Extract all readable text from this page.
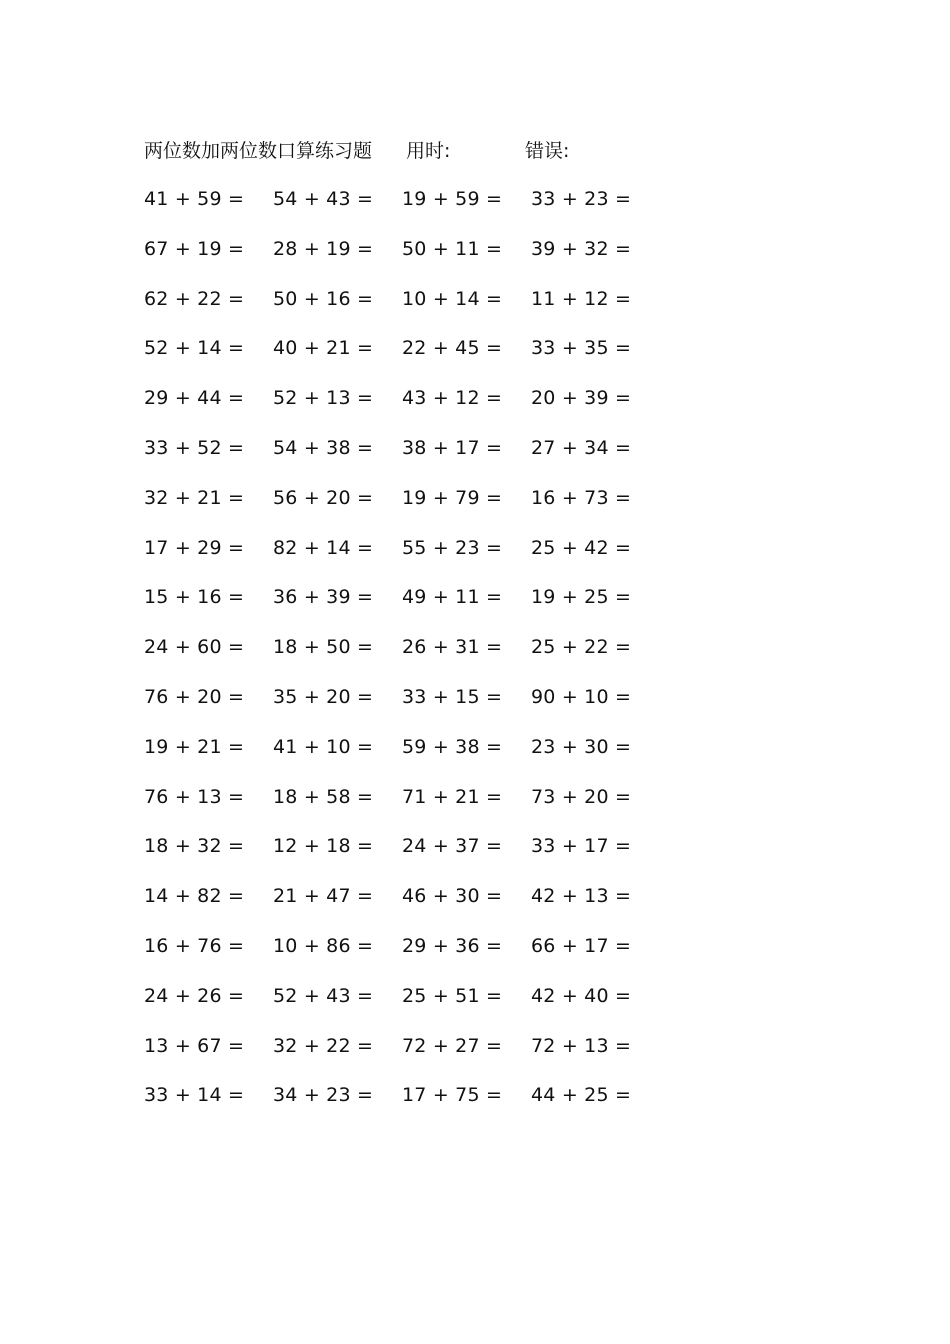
两位数加两位数口算练习题 用时:	错误:
41 + 59 =	54 + 43 =	19 + 59 =	33 + 23 =
67 + 19 =	28 + 19 =	50 + 11 =	39 + 32 =
62 + 22 =	50 + 16 =	10 + 14 =	11 + 12 =
52 + 14 =	40 + 21 =	22 + 45 =	33 + 35 =
29 + 44 =	52 + 13 =	43 + 12 =	20 + 39 =
33 + 52 =	54 + 38 =	38 + 17 =	27 + 34 =
32 + 21 =	56 + 20 =	19 + 79 =	16 + 73 =
17 + 29 =	82 + 14 =	55 + 23 =	25 + 42 =
15 + 16 =	36 + 39 =	49 + 11 =	19 + 25 =
24 + 60 =	18 + 50 =	26 + 31 =	25 + 22 =
76 + 20 =	35 + 20 =	33 + 15 =	90 + 10 =
19 + 21 =	41 + 10 =	59 + 38 =	23 + 30 =
76 + 13 =	18 + 58 =	71 + 21 =	73 + 20 =
18 + 32 =	12 + 18 =	24 + 37 =	33 + 17 =
14 + 82 =	21 + 47 =	46 + 30 =	42 + 13 =
16 + 76 =	10 + 86 =	29 + 36 =	66 + 17 =
24 + 26 =	52 + 43 =	25 + 51 =	42 + 40 =
13 + 67 =	32 + 22 =	72 + 27 =	72 + 13 =
33 + 14 =	34 + 23 =	17 + 75 =	44 + 25 =
